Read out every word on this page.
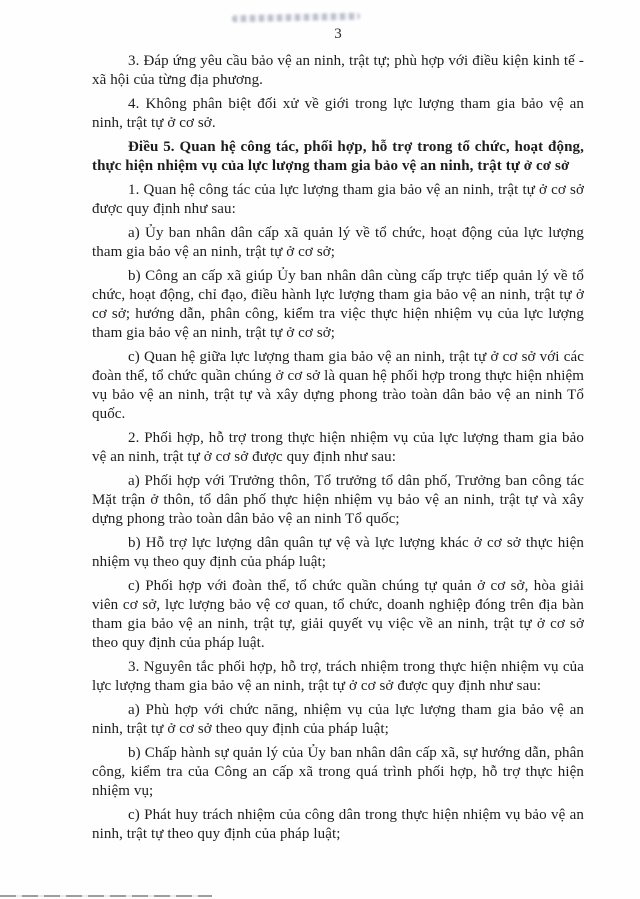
3

3. Đáp ứng yêu cầu bảo vệ an ninh, trật tự; phù hợp với điều kiện kinh tế - xã hội của từng địa phương.

4. Không phân biệt đối xử về giới trong lực lượng tham gia bảo vệ an ninh, trật tự ở cơ sở.

Điều 5. Quan hệ công tác, phối hợp, hỗ trợ trong tổ chức, hoạt động, thực hiện nhiệm vụ của lực lượng tham gia bảo vệ an ninh, trật tự ở cơ sở

1. Quan hệ công tác của lực lượng tham gia bảo vệ an ninh, trật tự ở cơ sở được quy định như sau:

a) Ủy ban nhân dân cấp xã quản lý về tổ chức, hoạt động của lực lượng tham gia bảo vệ an ninh, trật tự ở cơ sở;

b) Công an cấp xã giúp Ủy ban nhân dân cùng cấp trực tiếp quản lý về tổ chức, hoạt động, chỉ đạo, điều hành lực lượng tham gia bảo vệ an ninh, trật tự ở cơ sở; hướng dẫn, phân công, kiểm tra việc thực hiện nhiệm vụ của lực lượng tham gia bảo vệ an ninh, trật tự ở cơ sở;

c) Quan hệ giữa lực lượng tham gia bảo vệ an ninh, trật tự ở cơ sở với các đoàn thể, tổ chức quần chúng ở cơ sở là quan hệ phối hợp trong thực hiện nhiệm vụ bảo vệ an ninh, trật tự và xây dựng phong trào toàn dân bảo vệ an ninh Tổ quốc.

2. Phối hợp, hỗ trợ trong thực hiện nhiệm vụ của lực lượng tham gia bảo vệ an ninh, trật tự ở cơ sở được quy định như sau:

a) Phối hợp với Trưởng thôn, Tổ trưởng tổ dân phố, Trưởng ban công tác Mặt trận ở thôn, tổ dân phố thực hiện nhiệm vụ bảo vệ an ninh, trật tự và xây dựng phong trào toàn dân bảo vệ an ninh Tổ quốc;

b) Hỗ trợ lực lượng dân quân tự vệ và lực lượng khác ở cơ sở thực hiện nhiệm vụ theo quy định của pháp luật;

c) Phối hợp với đoàn thể, tổ chức quần chúng tự quản ở cơ sở, hòa giải viên cơ sở, lực lượng bảo vệ cơ quan, tổ chức, doanh nghiệp đóng trên địa bàn tham gia bảo vệ an ninh, trật tự, giải quyết vụ việc về an ninh, trật tự ở cơ sở theo quy định của pháp luật.

3. Nguyên tắc phối hợp, hỗ trợ, trách nhiệm trong thực hiện nhiệm vụ của lực lượng tham gia bảo vệ an ninh, trật tự ở cơ sở được quy định như sau:

a) Phù hợp với chức năng, nhiệm vụ của lực lượng tham gia bảo vệ an ninh, trật tự ở cơ sở theo quy định của pháp luật;

b) Chấp hành sự quản lý của Ủy ban nhân dân cấp xã, sự hướng dẫn, phân công, kiểm tra của Công an cấp xã trong quá trình phối hợp, hỗ trợ thực hiện nhiệm vụ;

c) Phát huy trách nhiệm của công dân trong thực hiện nhiệm vụ bảo vệ an ninh, trật tự theo quy định của pháp luật;
